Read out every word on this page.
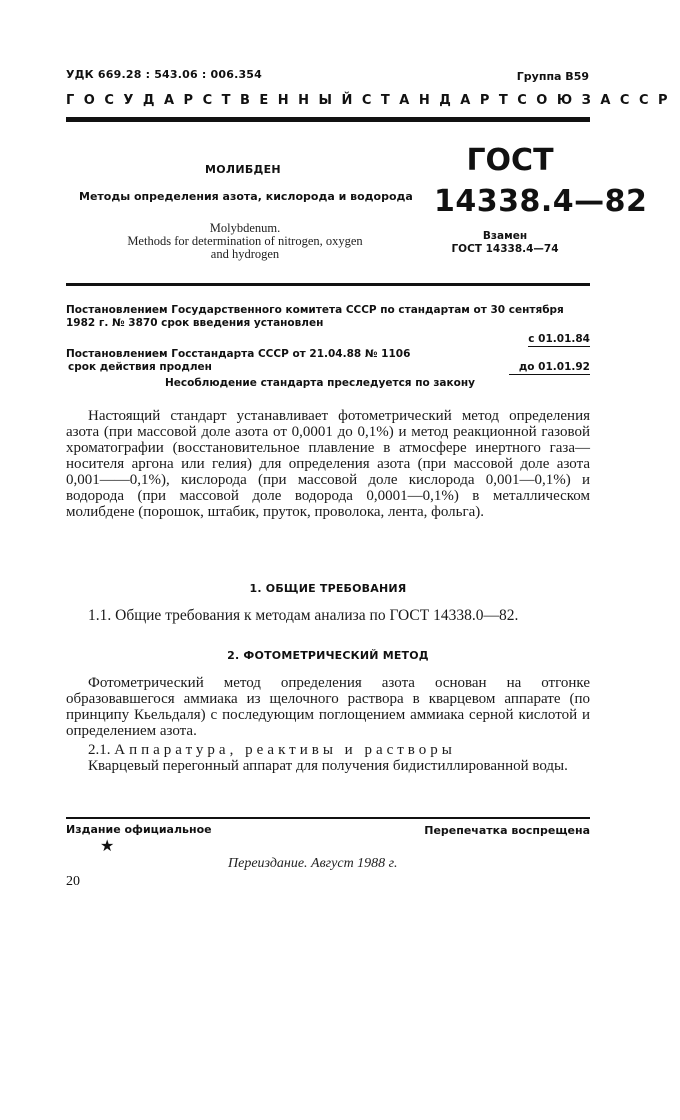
УДК 669.28 : 543.06 : 006.354	Группа В59
ГОСУДАРСТВЕННЫЙ СТАНДАРТ СОЮЗА ССР
МОЛИБДЕН
Методы определения азота, кислорода и водорода
Molybdenum.
Methods for determination of nitrogen, oxygen
and hydrogen
ГОСТ
14338.4—82
Взамен
ГОСТ 14338.4—74
Постановлением Государственного комитета СССР по стандартам от 30 сентября 1982 г. № 3870 срок введения установлен
с 01.01.84
Постановлением Госстандарта СССР от 21.04.88 № 1106
срок действия продлен	до 01.01.92
Несоблюдение стандарта преследуется по закону
Настоящий стандарт устанавливает фотометрический метод определения азота (при массовой доле азота от 0,0001 до 0,1%) и метод реакционной газовой хроматографии (восстановительное плавление в атмосфере инертного газа—носителя аргона или гелия) для определения азота (при массовой доле азота 0,001——0,1%), кислорода (при массовой доле кислорода 0,001—0,1%) и водорода (при массовой доле водорода 0,0001—0,1%) в металлическом молибдене (порошок, штабик, пруток, проволока, лента, фольга).
1. ОБЩИЕ ТРЕБОВАНИЯ
1.1. Общие требования к методам анализа по ГОСТ 14338.0—82.
2. ФОТОМЕТРИЧЕСКИЙ МЕТОД
Фотометрический метод определения азота основан на отгонке образовавшегося аммиака из щелочного раствора в кварцевом аппарате (по принципу Кьельдаля) с последующим поглощением аммиака серной кислотой и определением азота.
2.1. Аппаратура, реактивы и растворы
Кварцевый перегонный аппарат для получения бидистиллированной воды.
Издание официальное	Перепечатка воспрещена
★
Переиздание. Август 1988 г.
20
